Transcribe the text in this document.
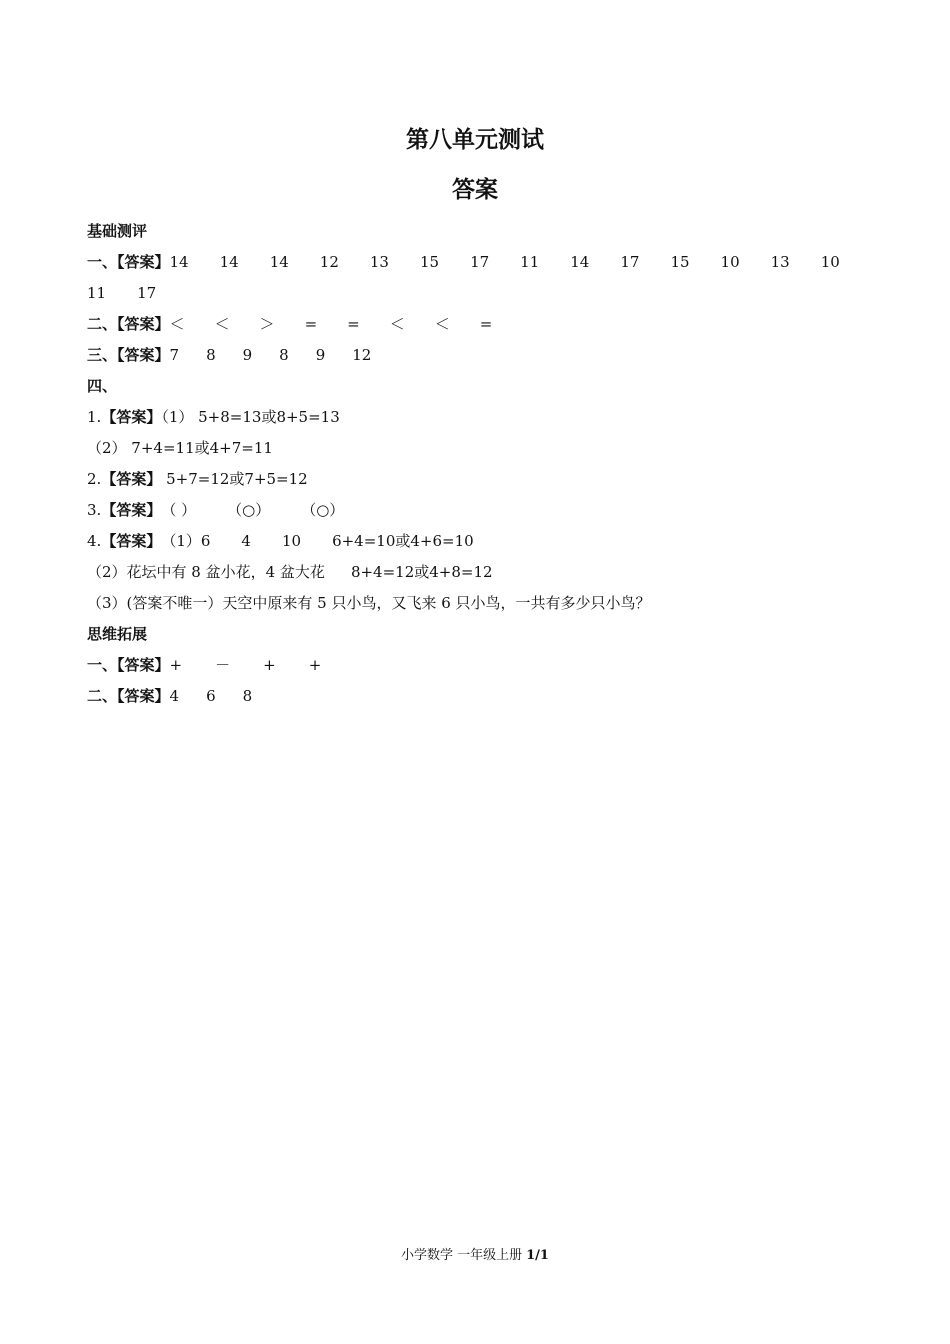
第八单元测试
答案
基础测评
一、【答案】 14 14 14 12 13 15 17 11 14 17 15 10 13 10
11 17
二、【答案】 ＜ ＜ ＞ = = ＜ ＜ =
三、【答案】 7 8 9 8 9 12
四、
1.【答案】（1） 5+8=13或8+5=13
（2） 7+4=11或4+7=11
2.【答案】 5+7=12或7+5=12
3.【答案】 （ ） （○） （○）
4.【答案】 （1）6 4 10 6+4=10或4+6=10
（2）花坛中有 8 盆小花，4 盆大花 8+4=12或4+8=12
（3）(答案不唯一）天空中原来有 5 只小鸟，又飞来 6 只小鸟，一共有多少只小鸟？
思维拓展
一、【答案】 + － + +
二、【答案】 4 6 8
小学数学 一年级上册 1/1
